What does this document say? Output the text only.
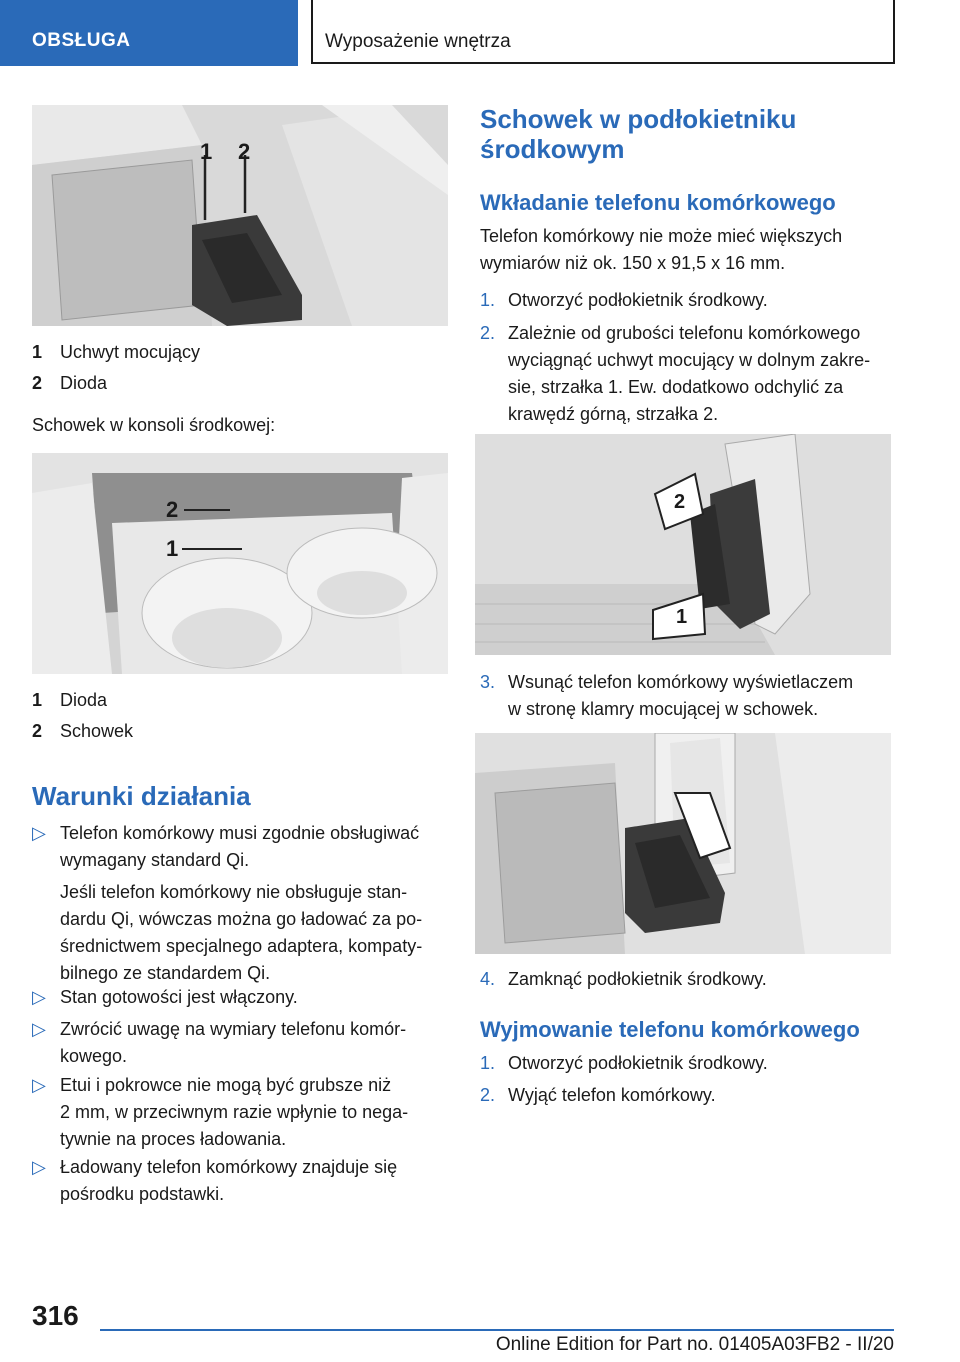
OBSŁUGA	Wyposażenie wnętrza
1 2
1 Uchwyt mocujący
2 Dioda
Schowek w konsoli środkowej:
2
1
1 Dioda
2 Schowek
Warunki działania
▷ Telefon komórkowy musi zgodnie obsługiwać
wymagany standard Qi.
Jeśli telefon komórkowy nie obsługuje stan-
dardu Qi, wówczas można go ładować za po-
średnictwem specjalnego adaptera, kompaty-
bilnego ze standardem Qi.
▷ Stan gotowości jest włączony.
▷ Zwrócić uwagę na wymiary telefonu komór-
kowego.
▷ Etui i pokrowce nie mogą być grubsze niż
2 mm, w przeciwnym razie wpłynie to nega-
tywnie na proces ładowania.
▷ Ładowany telefon komórkowy znajduje się
pośrodku podstawki.
Schowek w podłokietniku
środkowym
Wkładanie telefonu komórkowego
Telefon komórkowy nie może mieć większych
wymiarów niż ok. 150 x 91,5 x 16 mm.
1. Otworzyć podłokietnik środkowy.
2. Zależnie od grubości telefonu komórkowego
wyciągnąć uchwyt mocujący w dolnym zakre-
sie, strzałka 1. Ew. dodatkowo odchylić za
krawędź górną, strzałka 2.
2
1
3. Wsunąć telefon komórkowy wyświetlaczem
w stronę klamry mocującej w schowek.
4. Zamknąć podłokietnik środkowy.
Wyjmowanie telefonu komórkowego
1. Otworzyć podłokietnik środkowy.
2. Wyjąć telefon komórkowy.
316
Online Edition for Part no. 01405A03FB2 - II/20
